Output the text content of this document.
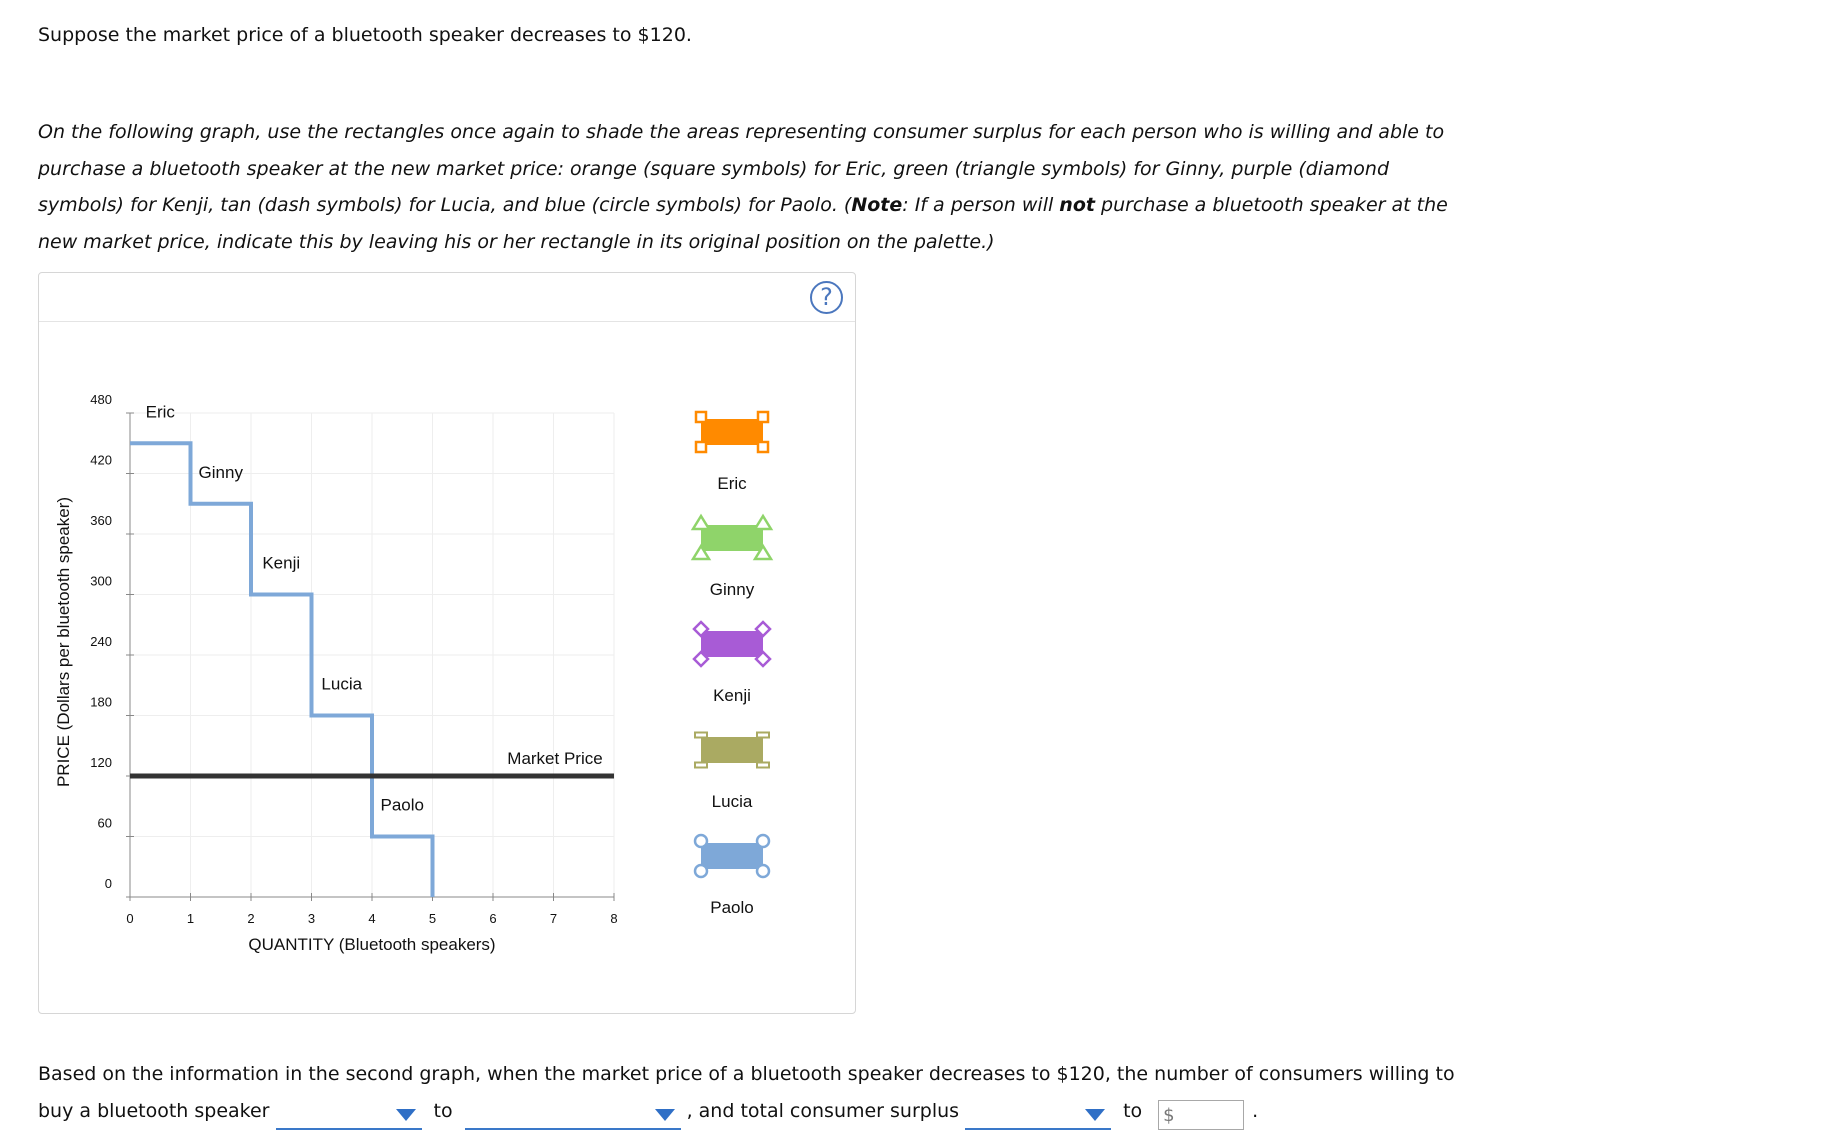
Suppose the market price of a bluetooth speaker decreases to $120.

On the following graph, use the rectangles once again to shade the areas representing consumer surplus for each person who is willing and able to purchase a bluetooth speaker at the new market price: orange (square symbols) for Eric, green (triangle symbols) for Ginny, purple (diamond symbols) for Kenji, tan (dash symbols) for Lucia, and blue (circle symbols) for Paolo. (Note: If a person will not purchase a bluetooth speaker at the new market price, indicate this by leaving his or her rectangle in its original position on the palette.)

?
0	1	2	3	4	5	6	7	8
0
60
120
180
240
300
360
420
480
QUANTITY (Bluetooth speakers)
PRICE (Dollars per bluetooth speaker)
Eric
Ginny
Kenji
Lucia
Paolo
Market Price
Eric
Ginny
Kenji
Lucia
Paolo
Based on the information in the second graph, when the market price of a bluetooth speaker decreases to $120, the number of consumers willing to
buy a bluetooth speaker	to	, and total consumer surplus	to $	.
